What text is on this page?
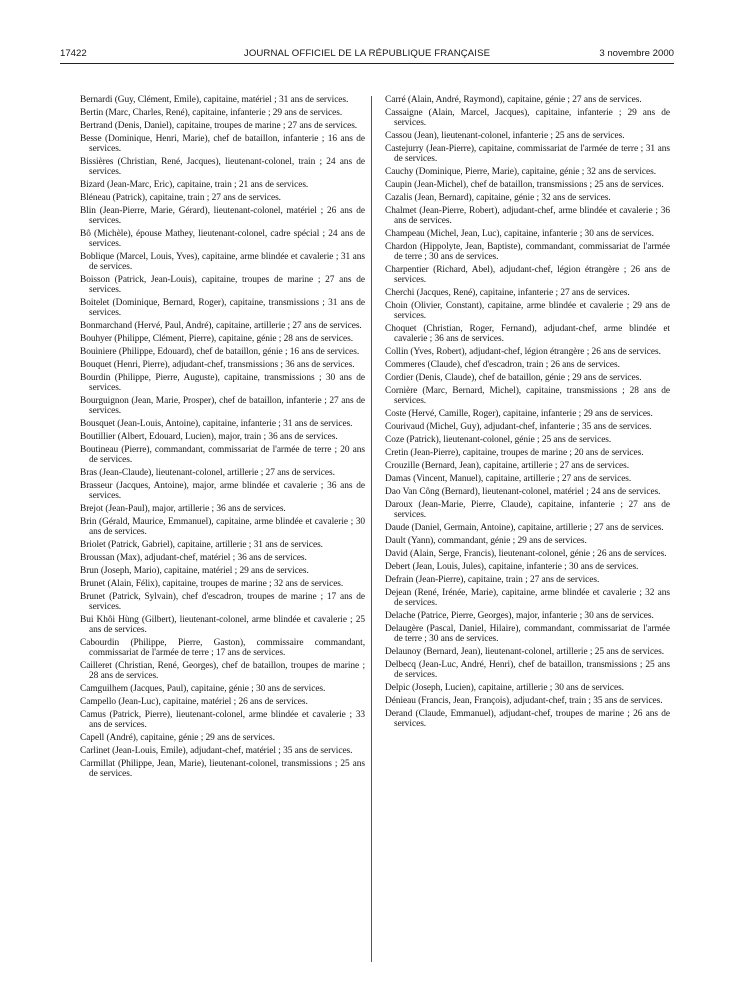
17422	JOURNAL OFFICIEL DE LA RÉPUBLIQUE FRANÇAISE	3 novembre 2000

Bernardi (Guy, Clément, Emile), capitaine, matériel ; 31 ans de services.

Bertin (Marc, Charles, René), capitaine, infanterie ; 29 ans de services.

Bertrand (Denis, Daniel), capitaine, troupes de marine ; 27 ans de services.

Besse (Dominique, Henri, Marie), chef de bataillon, infanterie ; 16 ans de services.

Bissières (Christian, René, Jacques), lieutenant-colonel, train ; 24 ans de services.

Bizard (Jean-Marc, Eric), capitaine, train ; 21 ans de services.

Bléneau (Patrick), capitaine, train ; 27 ans de services.

Blin (Jean-Pierre, Marie, Gérard), lieutenant-colonel, matériel ; 26 ans de services.

Bô (Michèle), épouse Mathey, lieutenant-colonel, cadre spécial ; 24 ans de services.

Boblique (Marcel, Louis, Yves), capitaine, arme blindée et cavalerie ; 31 ans de services.

Boisson (Patrick, Jean-Louis), capitaine, troupes de marine ; 27 ans de services.

Boitelet (Dominique, Bernard, Roger), capitaine, transmissions ; 31 ans de services.

Bonmarchand (Hervé, Paul, André), capitaine, artillerie ; 27 ans de services.

Bouhyer (Philippe, Clément, Pierre), capitaine, génie ; 28 ans de services.

Bouiniere (Philippe, Edouard), chef de bataillon, génie ; 16 ans de services.

Bouquet (Henri, Pierre), adjudant-chef, transmissions ; 36 ans de services.

Bourdin (Philippe, Pierre, Auguste), capitaine, transmissions ; 30 ans de services.

Bourguignon (Jean, Marie, Prosper), chef de bataillon, infanterie ; 27 ans de services.

Bousquet (Jean-Louis, Antoine), capitaine, infanterie ; 31 ans de services.

Boutillier (Albert, Edouard, Lucien), major, train ; 36 ans de services.

Boutineau (Pierre), commandant, commissariat de l'armée de terre ; 20 ans de services.

Bras (Jean-Claude), lieutenant-colonel, artillerie ; 27 ans de services.

Brasseur (Jacques, Antoine), major, arme blindée et cavalerie ; 36 ans de services.

Brejot (Jean-Paul), major, artillerie ; 36 ans de services.

Brin (Gérald, Maurice, Emmanuel), capitaine, arme blindée et cavalerie ; 30 ans de services.

Briolet (Patrick, Gabriel), capitaine, artillerie ; 31 ans de services.

Broussan (Max), adjudant-chef, matériel ; 36 ans de services.

Brun (Joseph, Mario), capitaine, matériel ; 29 ans de services.

Brunet (Alain, Félix), capitaine, troupes de marine ; 32 ans de services.

Brunet (Patrick, Sylvain), chef d'escadron, troupes de marine ; 17 ans de services.

Bui Khôi Hùng (Gilbert), lieutenant-colonel, arme blindée et cavalerie ; 25 ans de services.

Cabourdin (Philippe, Pierre, Gaston), commissaire commandant, commissariat de l'armée de terre ; 17 ans de services.

Cailleret (Christian, René, Georges), chef de bataillon, troupes de marine ; 28 ans de services.

Camguilhem (Jacques, Paul), capitaine, génie ; 30 ans de services.

Campello (Jean-Luc), capitaine, matériel ; 26 ans de services.

Camus (Patrick, Pierre), lieutenant-colonel, arme blindée et cavalerie ; 33 ans de services.

Capell (André), capitaine, génie ; 29 ans de services.

Carlinet (Jean-Louis, Emile), adjudant-chef, matériel ; 35 ans de services.

Carmillat (Philippe, Jean, Marie), lieutenant-colonel, transmissions ; 25 ans de services.

Carré (Alain, André, Raymond), capitaine, génie ; 27 ans de services.

Cassaigne (Alain, Marcel, Jacques), capitaine, infanterie ; 29 ans de services.

Cassou (Jean), lieutenant-colonel, infanterie ; 25 ans de services.

Castejurry (Jean-Pierre), capitaine, commissariat de l'armée de terre ; 31 ans de services.

Cauchy (Dominique, Pierre, Marie), capitaine, génie ; 32 ans de services.

Caupin (Jean-Michel), chef de bataillon, transmissions ; 25 ans de services.

Cazalis (Jean, Bernard), capitaine, génie ; 32 ans de services.

Chalmet (Jean-Pierre, Robert), adjudant-chef, arme blindée et cavalerie ; 36 ans de services.

Champeau (Michel, Jean, Luc), capitaine, infanterie ; 30 ans de services.

Chardon (Hippolyte, Jean, Baptiste), commandant, commissariat de l'armée de terre ; 30 ans de services.

Charpentier (Richard, Abel), adjudant-chef, légion étrangère ; 26 ans de services.

Cherchi (Jacques, René), capitaine, infanterie ; 27 ans de services.

Choin (Olivier, Constant), capitaine, arme blindée et cavalerie ; 29 ans de services.

Choquet (Christian, Roger, Fernand), adjudant-chef, arme blindée et cavalerie ; 36 ans de services.

Collin (Yves, Robert), adjudant-chef, légion étrangère ; 26 ans de services.

Commeres (Claude), chef d'escadron, train ; 26 ans de services.

Cordier (Denis, Claude), chef de bataillon, génie ; 29 ans de services.

Cornière (Marc, Bernard, Michel), capitaine, transmissions ; 28 ans de services.

Coste (Hervé, Camille, Roger), capitaine, infanterie ; 29 ans de services.

Courivaud (Michel, Guy), adjudant-chef, infanterie ; 35 ans de services.

Coze (Patrick), lieutenant-colonel, génie ; 25 ans de services.

Cretin (Jean-Pierre), capitaine, troupes de marine ; 20 ans de services.

Crouzille (Bernard, Jean), capitaine, artillerie ; 27 ans de services.

Damas (Vincent, Manuel), capitaine, artillerie ; 27 ans de services.

Dao Van Công (Bernard), lieutenant-colonel, matériel ; 24 ans de services.

Daroux (Jean-Marie, Pierre, Claude), capitaine, infanterie ; 27 ans de services.

Daude (Daniel, Germain, Antoine), capitaine, artillerie ; 27 ans de services.

Dault (Yann), commandant, génie ; 29 ans de services.

David (Alain, Serge, Francis), lieutenant-colonel, génie ; 26 ans de services.

Debert (Jean, Louis, Jules), capitaine, infanterie ; 30 ans de services.

Defrain (Jean-Pierre), capitaine, train ; 27 ans de services.

Dejean (René, Irénée, Marie), capitaine, arme blindée et cavalerie ; 32 ans de services.

Delache (Patrice, Pierre, Georges), major, infanterie ; 30 ans de services.

Delaugère (Pascal, Daniel, Hilaire), commandant, commissariat de l'armée de terre ; 30 ans de services.

Delaunoy (Bernard, Jean), lieutenant-colonel, artillerie ; 25 ans de services.

Delbecq (Jean-Luc, André, Henri), chef de bataillon, transmissions ; 25 ans de services.

Delpic (Joseph, Lucien), capitaine, artillerie ; 30 ans de services.

Dénieau (Francis, Jean, François), adjudant-chef, train ; 35 ans de services.

Derand (Claude, Emmanuel), adjudant-chef, troupes de marine ; 26 ans de services.
